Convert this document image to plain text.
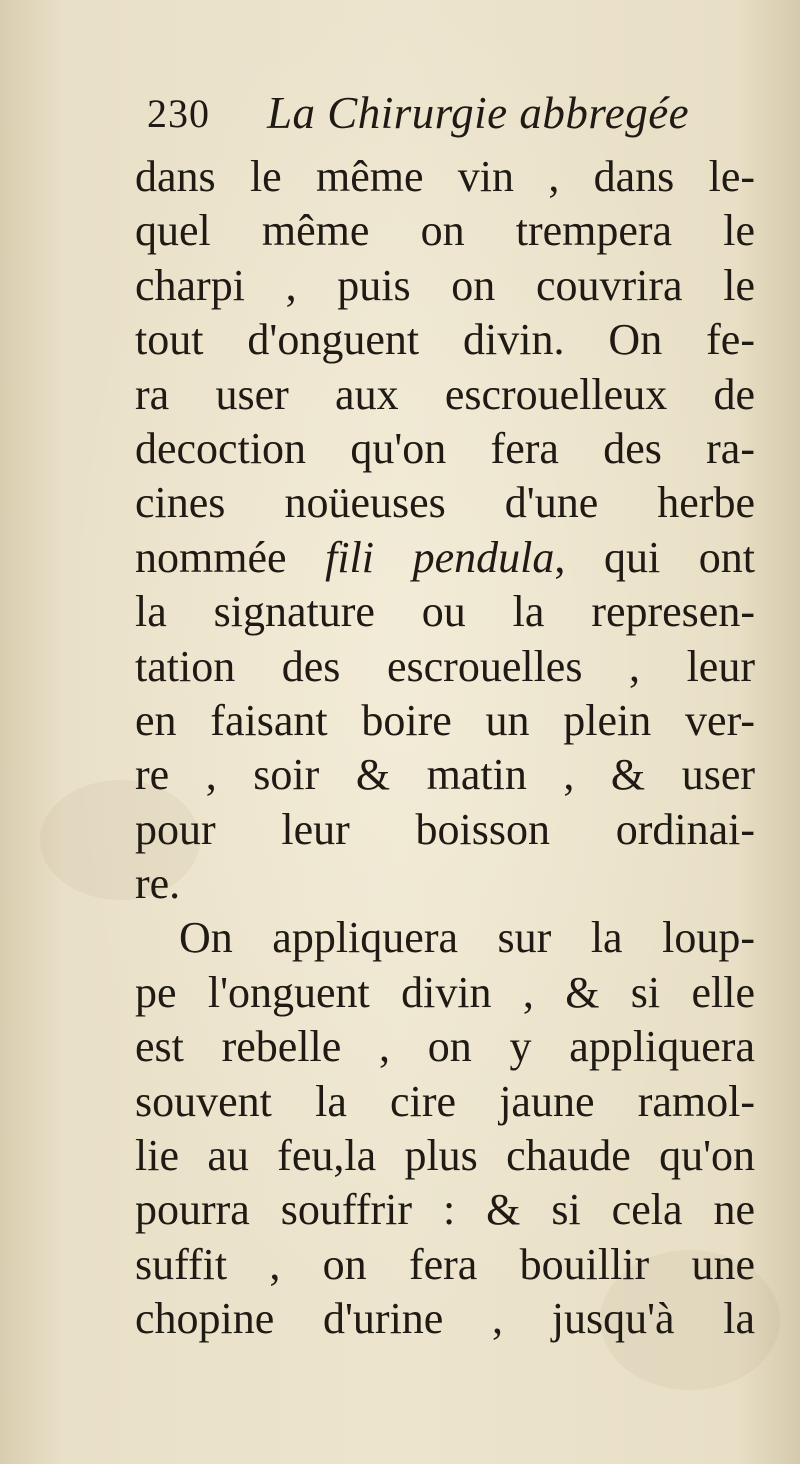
230 La Chirurgie abbregée
dans le même vin , dans le-
quel même on trempera le
charpi , puis on couvrira le
tout d'onguent divin. On fe-
ra user aux escrouelleux de
decoction qu'on fera des ra-
cines noüeuses d'une herbe
nommée fili pendula, qui ont
la signature ou la represen-
tation des escrouelles , leur
en faisant boire un plein ver-
re , soir & matin , & user
pour leur boisson ordinai-
re.
On appliquera sur la loup-
pe l'onguent divin , & si elle
est rebelle , on y appliquera
souvent la cire jaune ramol-
lie au feu,la plus chaude qu'on
pourra souffrir : & si cela ne
suffit , on fera bouillir une
chopine d'urine , jusqu'à la
